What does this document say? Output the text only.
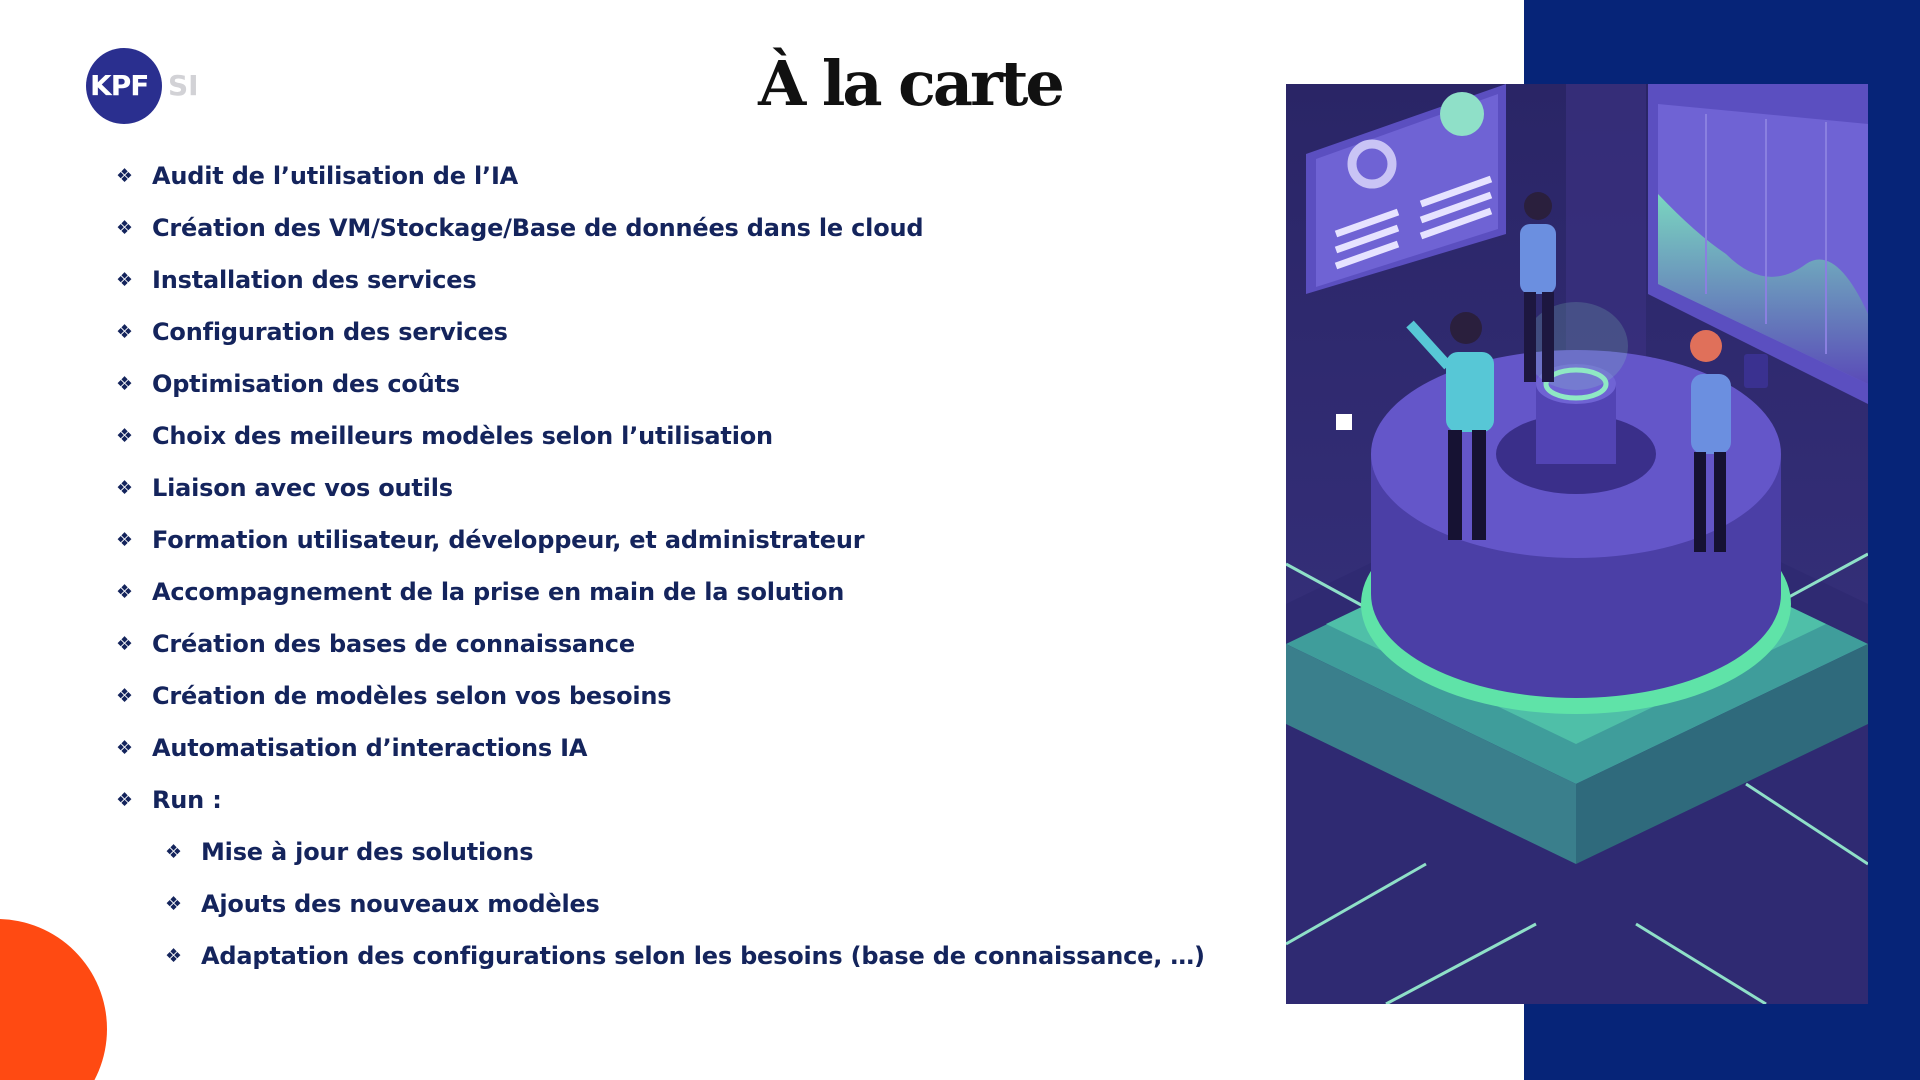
KPF SI	À la carte
❖ Audit de l’utilisation de l’IA
❖ Création des VM/Stockage/Base de données dans le cloud
❖ Installation des services
❖ Configuration des services
❖ Optimisation des coûts
❖ Choix des meilleurs modèles selon l’utilisation
❖ Liaison avec vos outils
❖ Formation utilisateur, développeur, et administrateur
❖ Accompagnement de la prise en main de la solution
❖ Création des bases de connaissance
❖ Création de modèles selon vos besoins
❖ Automatisation d’interactions IA
❖ Run :
❖ Mise à jour des solutions
❖ Ajouts des nouveaux modèles
❖ Adaptation des configurations selon les besoins (base de connaissance, …)
